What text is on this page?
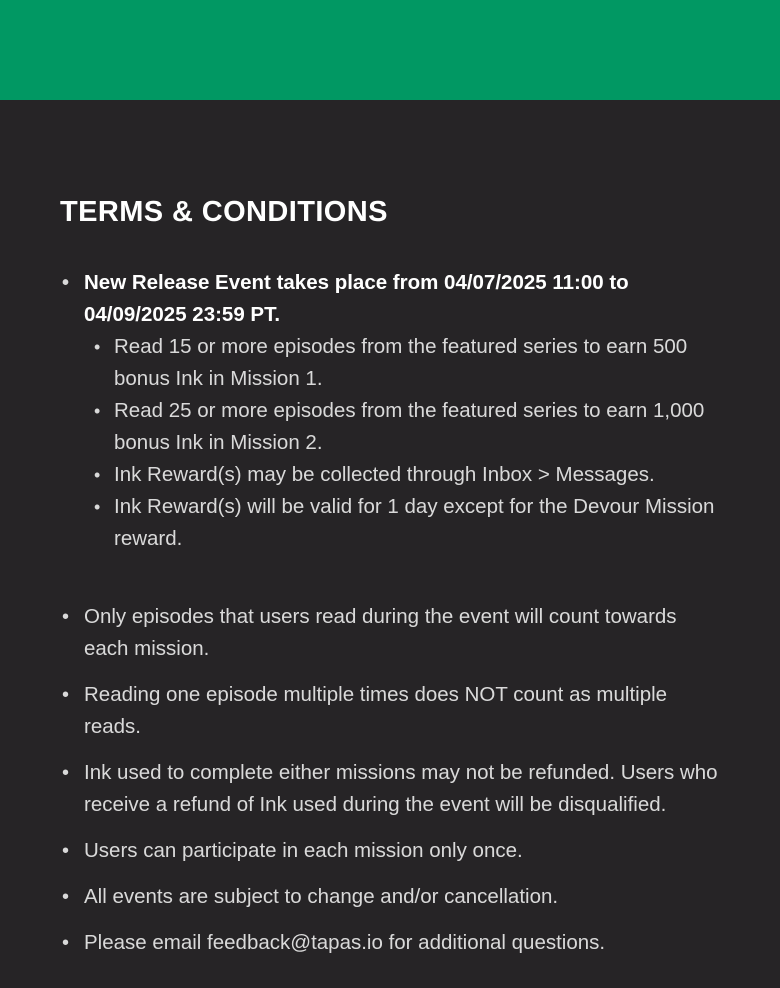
TERMS & CONDITIONS
• New Release Event takes place from 04/07/2025 11:00 to 04/09/2025 23:59 PT.
• Read 15 or more episodes from the featured series to earn 500 bonus Ink in Mission 1.
• Read 25 or more episodes from the featured series to earn 1,000 bonus Ink in Mission 2.
• Ink Reward(s) may be collected through Inbox > Messages.
• Ink Reward(s) will be valid for 1 day except for the Devour Mission reward.
• Only episodes that users read during the event will count towards each mission.
• Reading one episode multiple times does NOT count as multiple reads.
• Ink used to complete either missions may not be refunded. Users who receive a refund of Ink used during the event will be disqualified.
• Users can participate in each mission only once.
• All events are subject to change and/or cancellation.
• Please email feedback@tapas.io for additional questions.
